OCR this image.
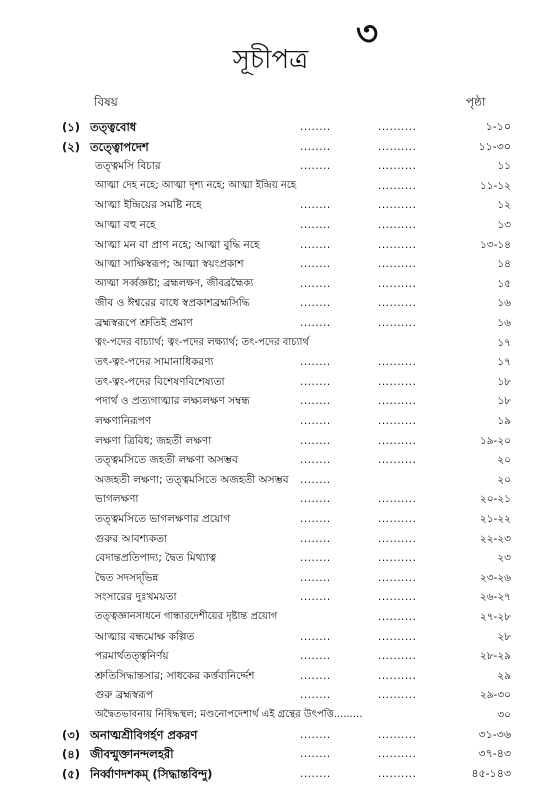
৩
সূচীপত্র
বিষয়	পৃষ্ঠা
(১) তত্ত্ববোধ	........	..........	১-১০
(২) তত্ত্বোপদেশ	........	..........	১১-৩০
তত্ত্বমসি বিচার	........	..........	১১
আত্মা দেহ নহে; আত্মা দৃশ্য নহে; আত্মা ইন্দ্রিয় নহে	..........	১১-১২
আত্মা ইন্দ্রিয়ের সমষ্টি নহে	........	..........	১২
আত্মা বহু নহে	........	..........	১৩
আত্মা মন বা প্রাণ নহে; আত্মা বুদ্ধি নহে	........	..........	১৩-১৪
আত্মা সাক্ষিস্বরূপ; আত্মা স্বয়ংপ্রকাশ	........	..........	১৪
আত্মা সর্ব্বজ্ঞষ্টা; ব্রহ্মলক্ষণ, জীবব্রহ্মৈক্য	........	..........	১৫
জীব ও ঈশ্বরের বাধে স্বপ্রকাশব্রহ্মসিদ্ধি	........	..........	১৬
ব্রহ্মস্বরূপে শ্রুতিই প্রমাণ	........	..........	১৬
ত্বং-পদের বাচ্যার্থ; ত্বং-পদের লক্ষ্যার্থ; তৎ-পদের বাচ্যার্থ	১৭
তৎ-ত্বং-পদের সামানাধিকরণ্য	........	..........	১৭
তৎ-ত্বং-পদের বিশেষণবিশেষ্যতা	........	..........	১৮
পদার্থ ও প্রত্যগাত্মার লক্ষ্যলক্ষণ সম্বন্ধ	........	..........	১৮
লক্ষণানিরূপণ	........	..........	১৯
লক্ষণা ত্রিবিধ; জহতী লক্ষণা	........	..........	১৯-২০
তত্ত্বমসিতে জহতী লক্ষণা অসম্ভব	........	..........	২০
অজহতী লক্ষণা; তত্ত্বমসিতে অজহতী অসম্ভব ........	২০
ভাগলক্ষণা	........	..........	২০-২১
তত্ত্বমসিতে ভাগলক্ষণার প্রয়োগ	........	..........	২১-২২
গুরুর আবশ্যকতা	........	..........	২২-২৩
বেদান্তপ্রতিপাদ্য; দ্বৈত মিথ্যাত্ব	........	..........	২৩
দ্বৈত সদসদ্‌ভিন্ন	........	..........	২৩-২৬
সংসারের দুঃখময়তা	........	..........	২৬-২৭
তত্ত্বজ্ঞানসাধনে গান্ধারদেশীয়ের দৃষ্টান্ত প্রয়োগ	..........	২৭-২৮
আত্মার বন্ধমোক্ষ কল্পিত	........	..........	২৮
পরমার্থতত্ত্বনির্ণয়	........	..........	২৮-২৯
শ্রুতিসিদ্ধান্তসার; সাধকের কর্ত্তব্যনির্দ্দেশ	........	..........	২৯
গুরু ব্রহ্মস্বরূপ	........	..........	২৯-৩০
অদ্বৈতভাবনায় নিষিদ্ধস্থল; মণ্ডনোপদেশার্থ এই গ্রন্থের উৎপত্তি.........	৩০
(৩) অনাত্মশ্রীবিগর্হণ প্রকরণ	........	..........	৩১-৩৬
(৪) জীবন্মুক্তানন্দলহরী	........	..........	৩৭-৪৩
(৫) নির্ব্বাণদশকম্ (সিদ্ধান্তবিন্দু)	........	..........	৪৫-১৪৩
